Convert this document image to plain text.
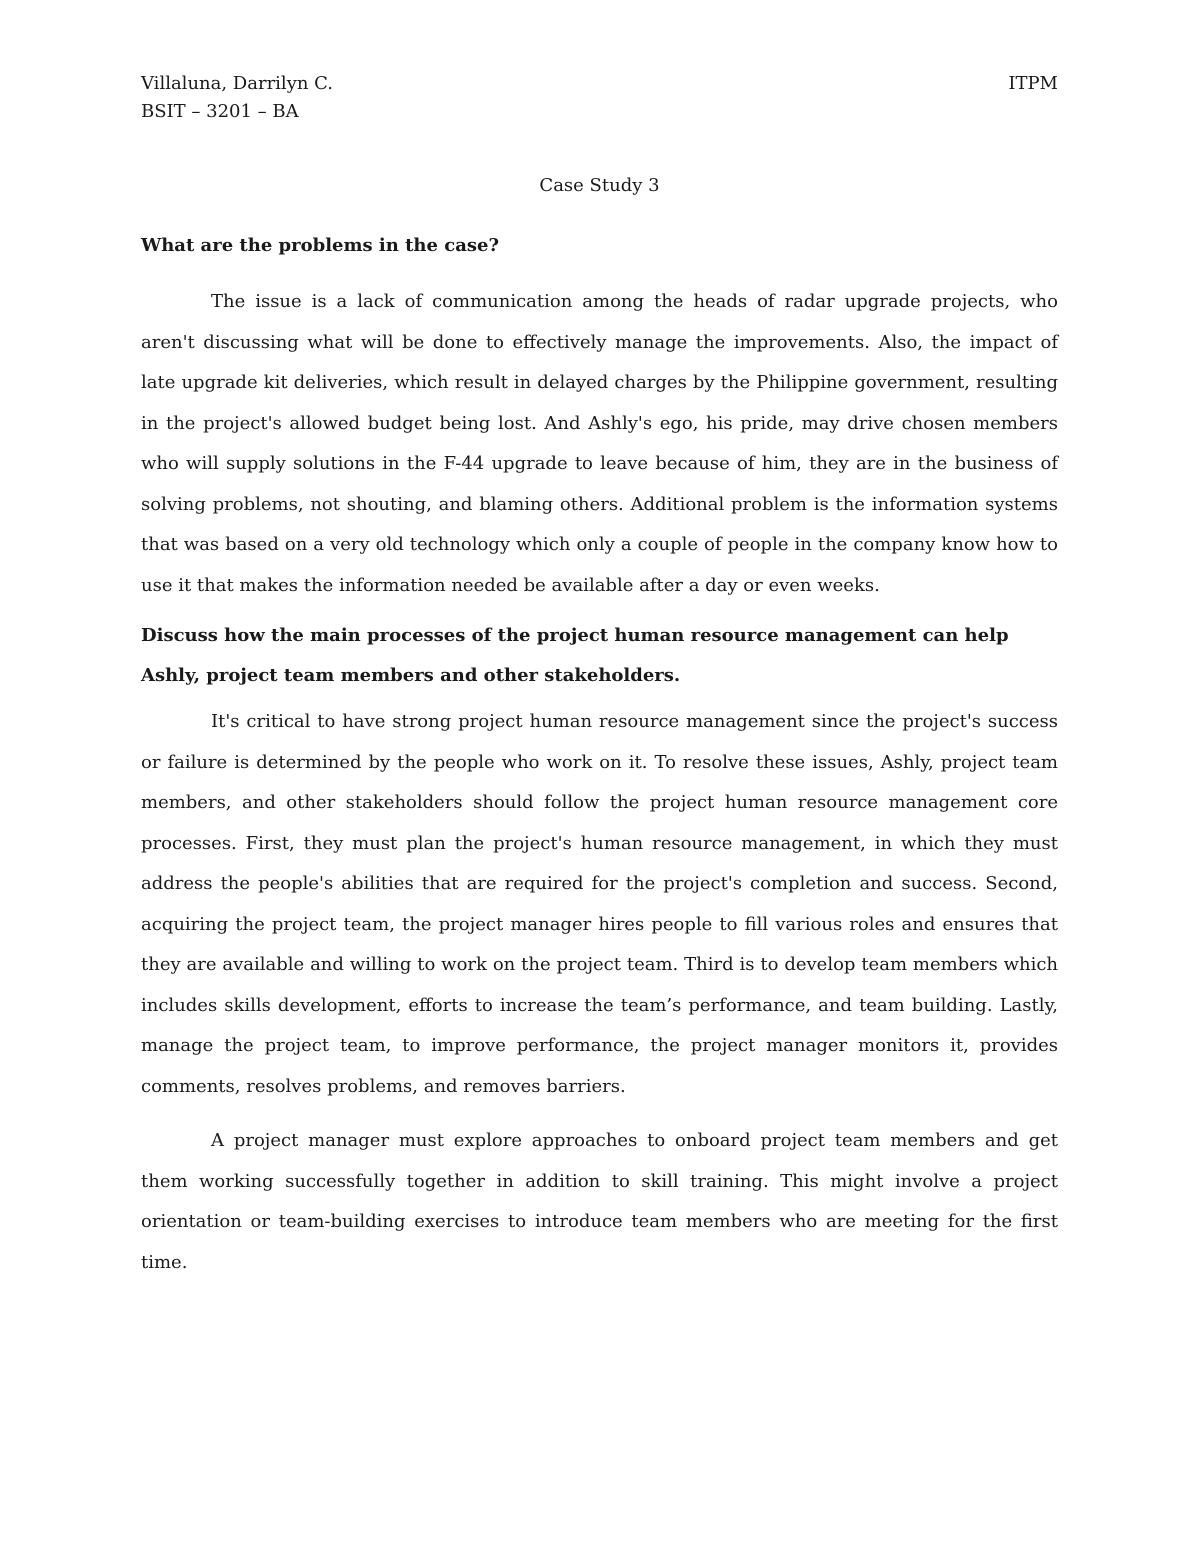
Villaluna, Darrilyn C.	ITPM
BSIT – 3201 – BA
Case Study 3

What are the problems in the case?

The issue is a lack of communication among the heads of radar upgrade projects, who aren't discussing what will be done to effectively manage the improvements. Also, the impact of late upgrade kit deliveries, which result in delayed charges by the Philippine government, resulting in the project's allowed budget being lost. And Ashly's ego, his pride, may drive chosen members who will supply solutions in the F-44 upgrade to leave because of him, they are in the business of solving problems, not shouting, and blaming others. Additional problem is the information systems that was based on a very old technology which only a couple of people in the company know how to use it that makes the information needed be available after a day or even weeks.

Discuss how the main processes of the project human resource management can help Ashly, project team members and other stakeholders.

It's critical to have strong project human resource management since the project's success or failure is determined by the people who work on it. To resolve these issues, Ashly, project team members, and other stakeholders should follow the project human resource management core processes. First, they must plan the project's human resource management, in which they must address the people's abilities that are required for the project's completion and success. Second, acquiring the project team, the project manager hires people to fill various roles and ensures that they are available and willing to work on the project team. Third is to develop team members which includes skills development, efforts to increase the team’s performance, and team building. Lastly, manage the project team, to improve performance, the project manager monitors it, provides comments, resolves problems, and removes barriers.

A project manager must explore approaches to onboard project team members and get them working successfully together in addition to skill training. This might involve a project orientation or team-building exercises to introduce team members who are meeting for the first time.
